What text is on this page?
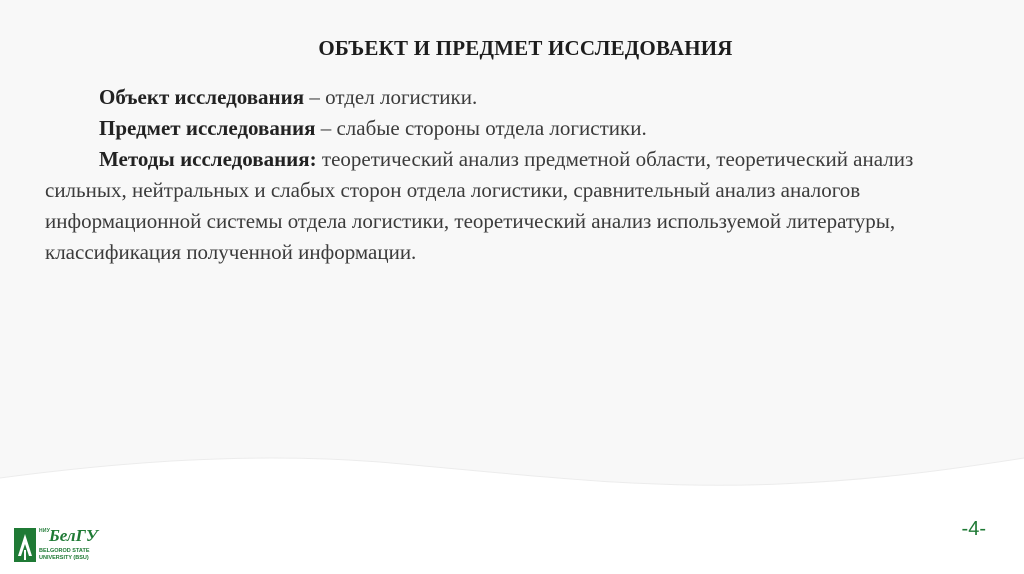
ОБЪЕКТ И ПРЕДМЕТ ИССЛЕДОВАНИЯ

Объект исследования – отдел логистики.

Предмет исследования – слабые стороны отдела логистики.

Методы исследования: теоретический анализ предметной области, теоретический анализ сильных, нейтральных и слабых сторон отдела логистики, сравнительный анализ аналогов информационной системы отдела логистики, теоретический анализ используемой литературы, классификация полученной информации.

НИУ
БелГУ
BELGOROD STATE
UNIVERSITY (BSU)
-4-
